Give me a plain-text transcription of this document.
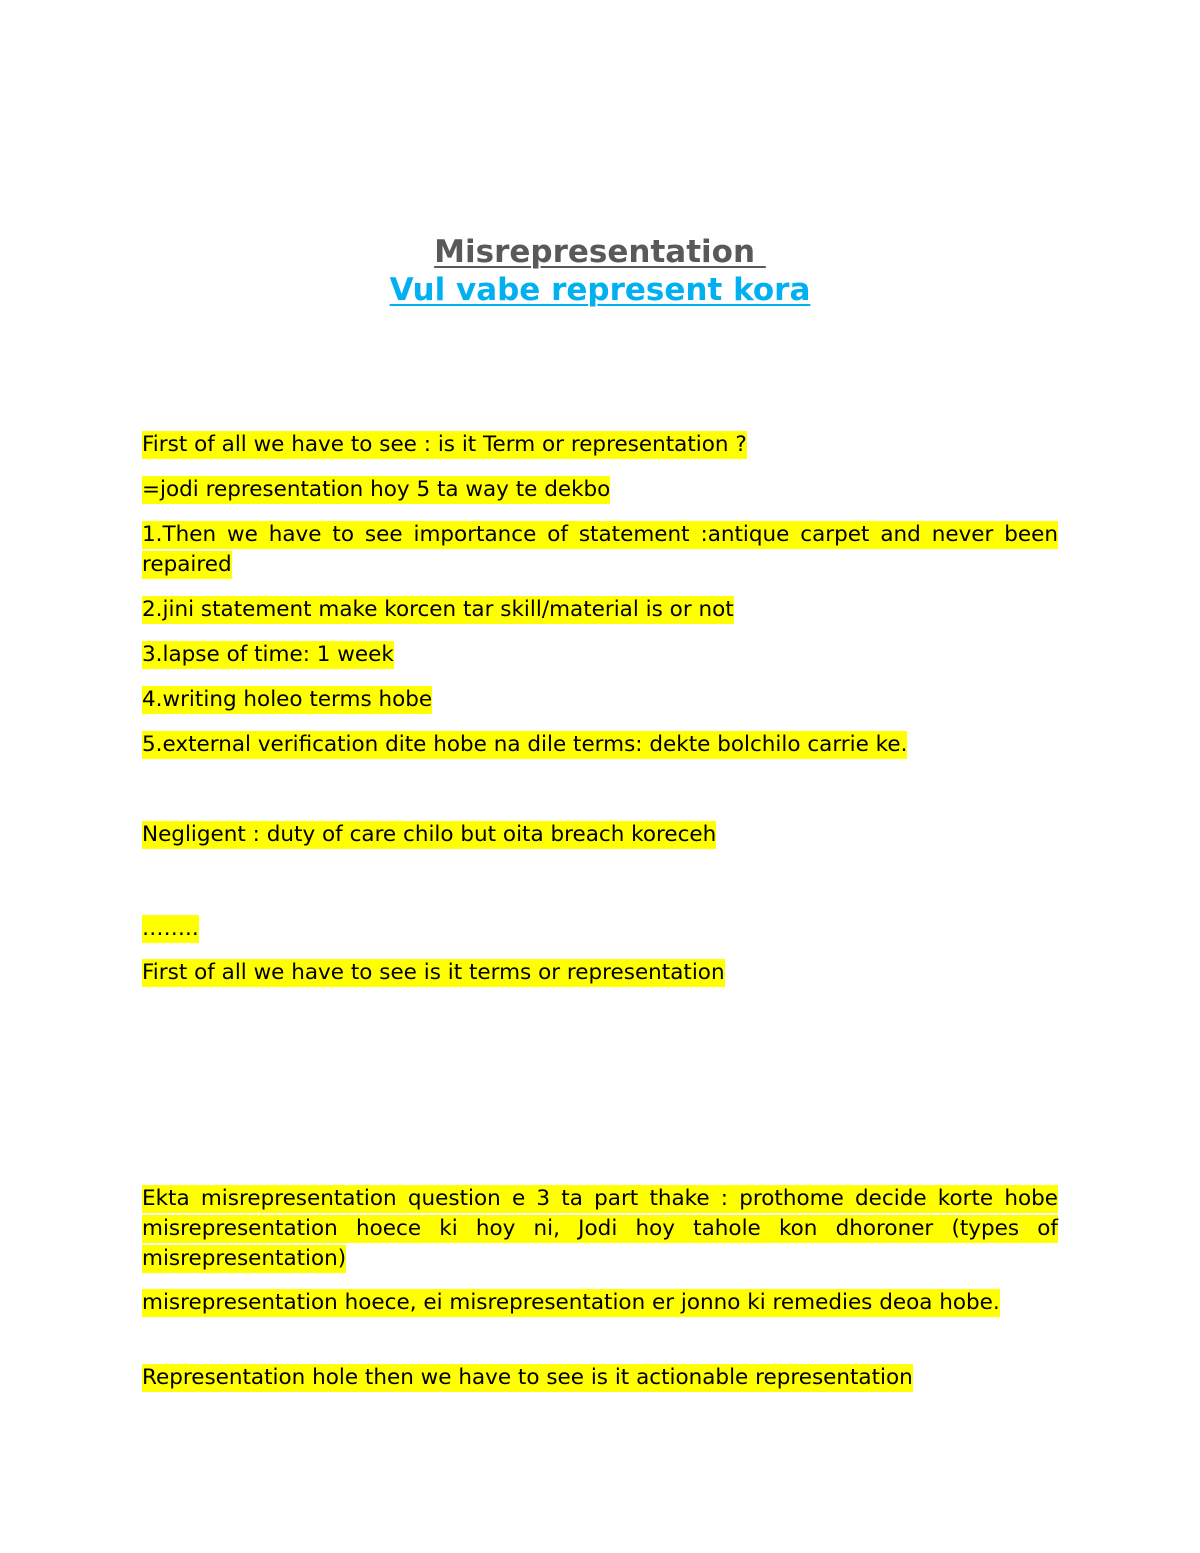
Misrepresentation
Vul vabe represent kora

First of all we have to see : is it Term or representation ?

=jodi representation hoy 5 ta way te dekbo

1.Then we have to see importance of statement :antique carpet and never been repaired

2.jini statement make korcen tar skill/material is or not

3.lapse of time: 1 week

4.writing holeo terms hobe

5.external verification dite hobe na dile terms: dekte bolchilo carrie ke.

Negligent : duty of care chilo but oita breach koreceh

……..

First of all we have to see is it terms or representation

Ekta misrepresentation question e 3 ta part thake : prothome decide korte hobe misrepresentation hoece ki hoy ni, Jodi hoy tahole kon dhoroner (types of misrepresentation)

misrepresentation hoece, ei misrepresentation er jonno ki remedies deoa hobe.

Representation hole then we have to see is it actionable representation
